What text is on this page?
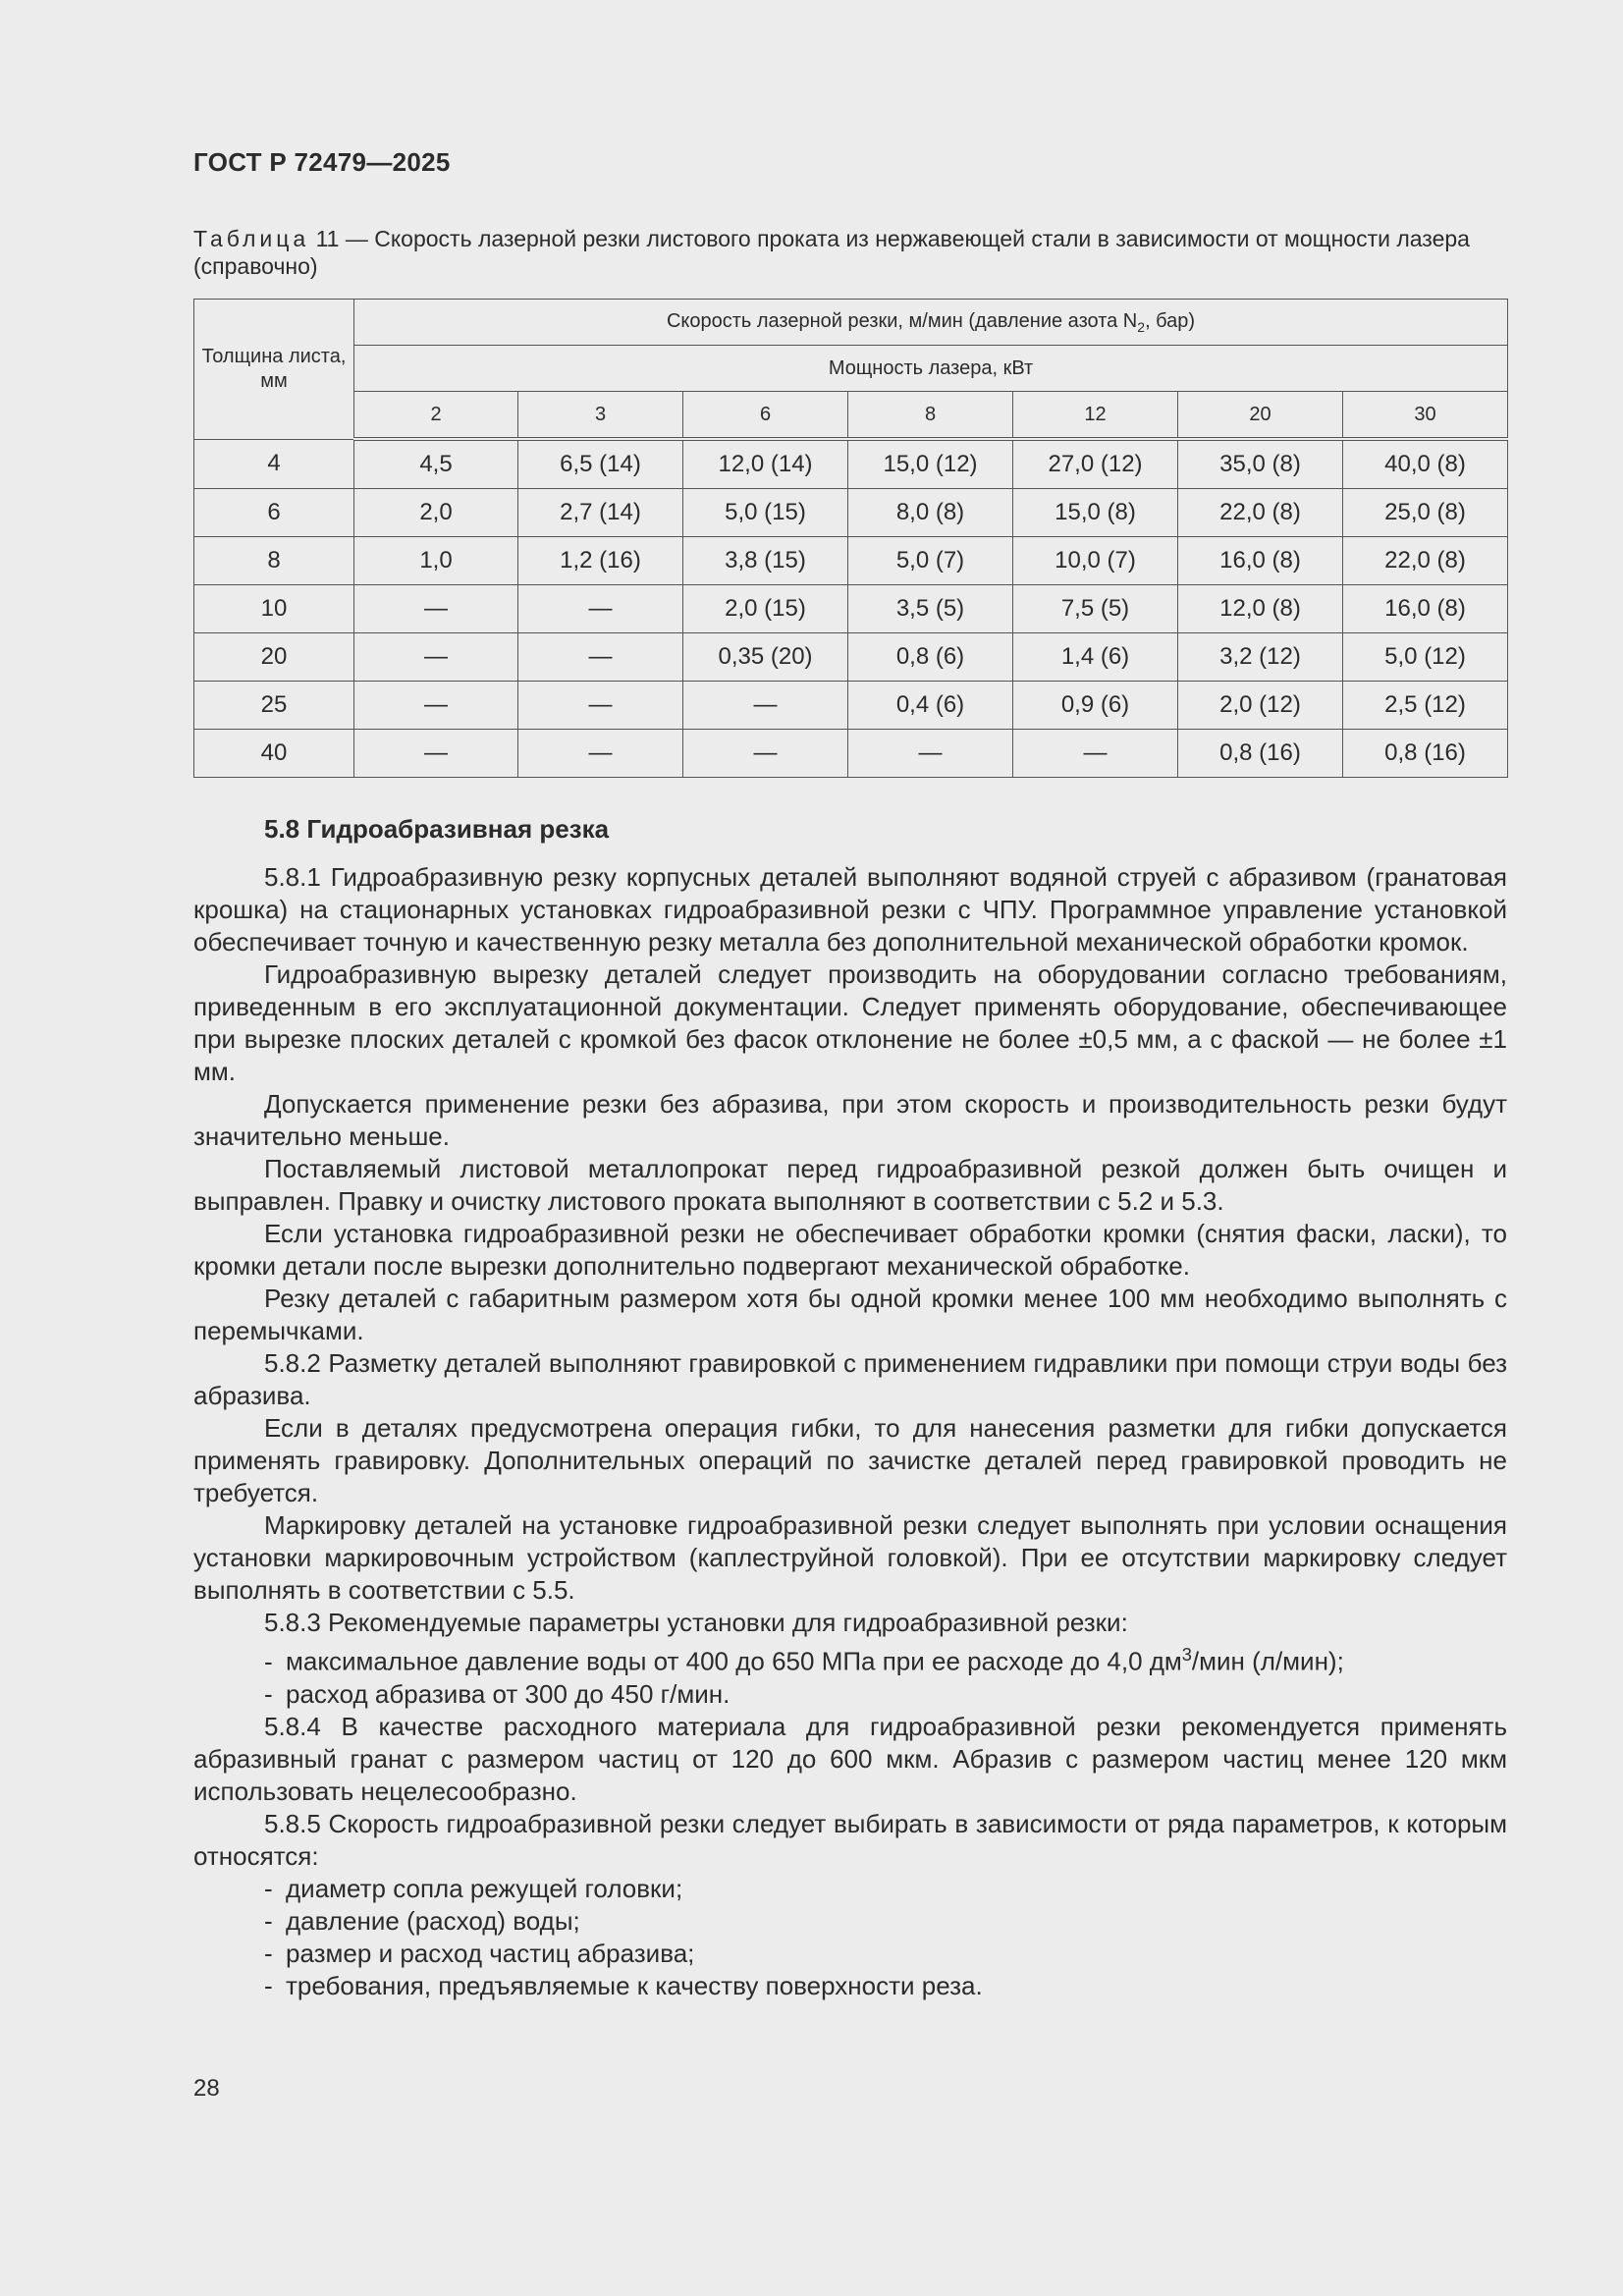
ГОСТ Р 72479—2025
Таблица 11 — Скорость лазерной резки листового проката из нержавеющей стали в зависимости от мощности лазера (справочно)
Толщина листа, мм	Скорость лазерной резки, м/мин (давление азота $N_2$, бар)						
	Мощность лазера, кВт						
	2	3	6	8	12	20	30
4	4,5	6,5 (14)	12,0 (14)	15,0 (12)	27,0 (12)	35,0 (8)	40,0 (8)
6	2,0	2,7 (14)	5,0 (15)	8,0 (8)	15,0 (8)	22,0 (8)	25,0 (8)
8	1,0	1,2 (16)	3,8 (15)	5,0 (7)	10,0 (7)	16,0 (8)	22,0 (8)
10	—	—	2,0 (15)	3,5 (5)	7,5 (5)	12,0 (8)	16,0 (8)
20	—	—	0,35 (20)	0,8 (6)	1,4 (6)	3,2 (12)	5,0 (12)
25	—	—	—	0,4 (6)	0,9 (6)	2,0 (12)	2,5 (12)
40	—	—	—	—	—	0,8 (16)	0,8 (16)
5.8 Гидроабразивная резка

5.8.1 Гидроабразивную резку корпусных деталей выполняют водяной струей с абразивом (гранатовая крошка) на стационарных установках гидроабразивной резки с ЧПУ. Программное управление установкой обеспечивает точную и качественную резку металла без дополнительной механической обработки кромок.

Гидроабразивную вырезку деталей следует производить на оборудовании согласно требованиям, приведенным в его эксплуатационной документации. Следует применять оборудование, обеспечивающее при вырезке плоских деталей с кромкой без фасок отклонение не более ±0,5 мм, а с фаской — не более ±1 мм.

Допускается применение резки без абразива, при этом скорость и производительность резки будут значительно меньше.

Поставляемый листовой металлопрокат перед гидроабразивной резкой должен быть очищен и выправлен. Правку и очистку листового проката выполняют в соответствии с 5.2 и 5.3.

Если установка гидроабразивной резки не обеспечивает обработки кромки (снятия фаски, ласки), то кромки детали после вырезки дополнительно подвергают механической обработке.

Резку деталей с габаритным размером хотя бы одной кромки менее 100 мм необходимо выполнять с перемычками.

5.8.2 Разметку деталей выполняют гравировкой с применением гидравлики при помощи струи воды без абразива.

Если в деталях предусмотрена операция гибки, то для нанесения разметки для гибки допускается применять гравировку. Дополнительных операций по зачистке деталей перед гравировкой проводить не требуется.

Маркировку деталей на установке гидроабразивной резки следует выполнять при условии оснащения установки маркировочным устройством (каплеструйной головкой). При ее отсутствии маркировку следует выполнять в соответствии с 5.5.

5.8.3 Рекомендуемые параметры установки для гидроабразивной резки:

- максимальное давление воды от 400 до 650 МПа при ее расходе до 4,0 $дм^3$/мин (л/мин);
- расход абразива от 300 до 450 г/мин.

5.8.4 В качестве расходного материала для гидроабразивной резки рекомендуется применять абразивный гранат с размером частиц от 120 до 600 мкм. Абразив с размером частиц менее 120 мкм использовать нецелесообразно.

5.8.5 Скорость гидроабразивной резки следует выбирать в зависимости от ряда параметров, к которым относятся:

- диаметр сопла режущей головки;
- давление (расход) воды;
- размер и расход частиц абразива;
- требования, предъявляемые к качеству поверхности реза.
28
